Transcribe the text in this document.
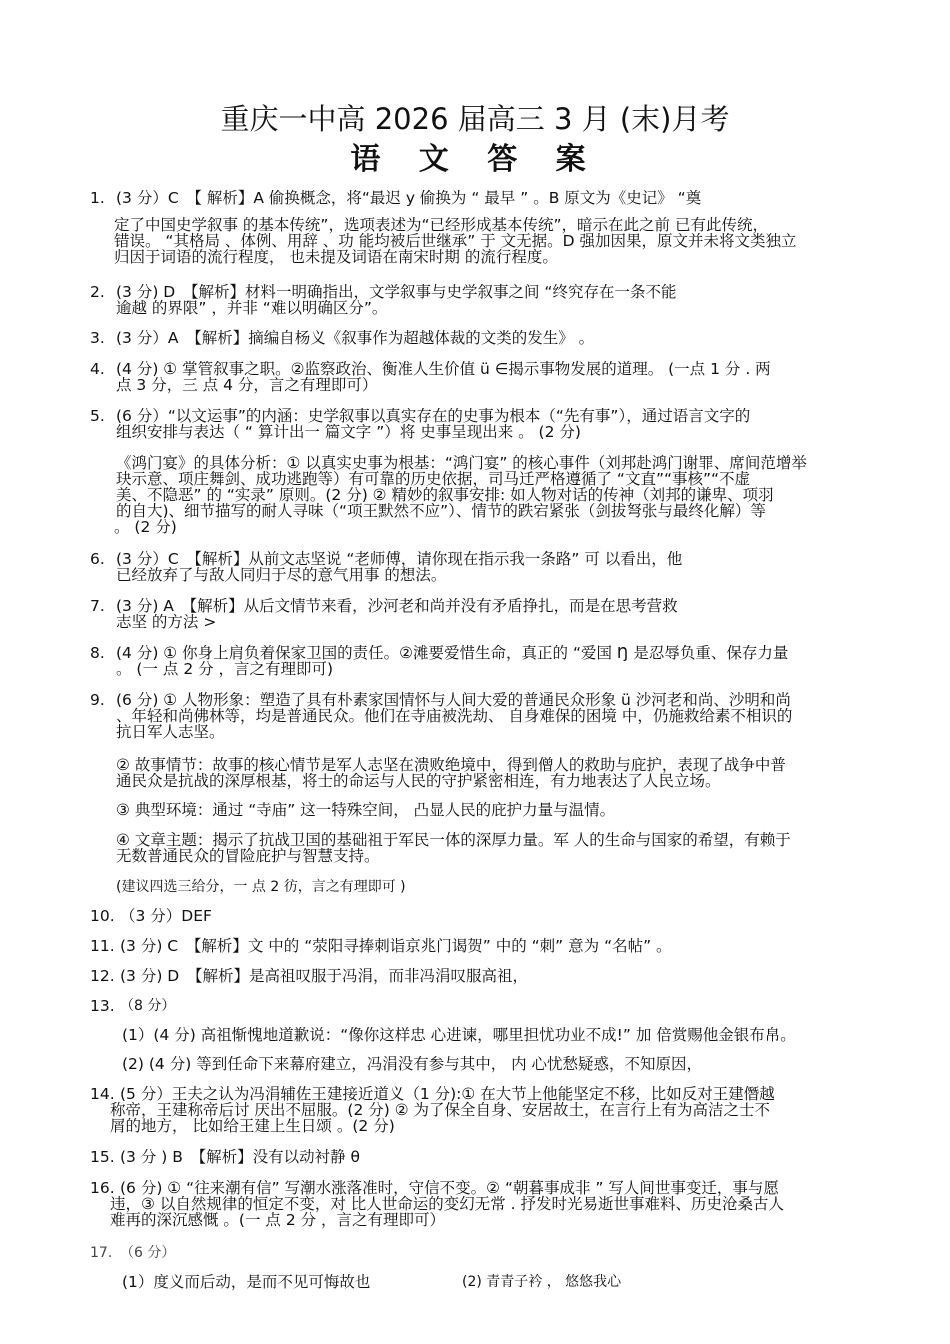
重庆一中高 2026 届高三 3 月 (末)月考
语 文 答 案
1. (3 分）C　【 解析】A 偷换概念，将“最迟 y 偷换为 “ 最早 ” 。B 原文为《史记》 “奠
定了中国史学叙事 的基本传统”，选项表述为“已经形成基本传统”，暗示在此之前 已有此传统，
错误。 “其格局 、体例、用辞 、功 能均被后世继承” 于 文无据。D 强加因果，原文并未将文类独立
归因于词语的流行程度， 也未提及词语在南宋时期 的流行程度。
2. (3 分) D　【解析】材料一明确指出，文学叙事与史学叙事之间 “终究存在一条不能
逾越 的界限” ，并非 “难以明确区分”。
3. (3 分）A　【解析】摘编自杨义《叙事作为超越体裁的文类的发生》 。
4. (4 分) ① 掌管叙事之职。②监察政治、衡准人生价值 ü ∈揭示事物发展的道理。 (一点 1 分 . 两
点 3 分，三 点 4 分，言之有理即可）
5. (6 分）“以文运事”的内涵：史学叙事以真实存在的史事为根本（“先有事”），通过语言文字的
组织安排与表达（ “ 算计出一 篇文字 ”）将 史事呈现出来 。 (2 分)
《鸿门宴》的具体分析：① 以真实史事为根基：“鸿门宴” 的核心事件（刘邦赴鸿门谢罪、席间范增举
玦示意、项庄舞剑、成功逃跑等）有可靠的历史依据，司马迁严格遵循了 “文直”“事核”“不虚
美、不隐恶” 的 “实录” 原则。(2 分) ② 精妙的叙事安排: 如人物对话的传神（刘邦的谦卑、项羽
的自大)、细节描写的耐人寻味（“项王默然不应”）、情节的跌宕紧张（剑拔弩张与最终化解）等
。 (2 分)
6. (3 分）C　【解析】从前文志坚说 “老师傅，请你现在指示我一条路” 可 以看出，他
已经放弃了与敌人同归于尽的意气用事 的想法。
7. (3 分) A　【解析】从后文情节来看，沙河老和尚并没有矛盾挣扎，而是在思考营救
志坚 的方法 >
8. (4 分) ① 你身上肩负着保家卫国的责任。②滩要爱惜生命，真正的 “爱国 Ŋ 是忍辱负重、保存力量
。 (一 点 2 分 ，言之有理即可)
9. (6 分) ① 人物形象：塑造了具有朴素家国情怀与人间大爱的普通民众形象 ü 沙河老和尚、沙明和尚
、年轻和尚佛林等，均是普通民众。他们在寺庙被洗劫、 自身难保的困境 中，仍施救给素不相识的
抗日军人志坚。
② 故事情节：故事的核心情节是军人志坚在溃败绝境中，得到僧人的救助与庇护，表现了战争中普
通民众是抗战的深厚根基，将士的命运与人民的守护紧密相连，有力地表达了人民立场。
③ 典型环境：通过 “寺庙” 这一特殊空间， 凸显人民的庇护力量与温情。
④ 文章主题：揭示了抗战卫国的基础祖于军民一体的深厚力量。军 人的生命与国家的希望，有赖于
无数普通民众的冒险庇护与智慧支持。
(建议四选三给分，一 点 2 彷，言之有理即可 )
10. （3 分）DEF
11. (3 分) C　【解析】文 中的 “荥阳寻捧刺诣京兆门谒贺” 中的 “刺” 意为 “名帖” 。
12. (3 分) D　【解析】是高祖叹服于冯涓，而非冯涓叹服高祖，
13. （8 分）
(1）(4 分) 高祖惭愧地道歉说：“像你这样忠 心进谏，哪里担忧功业不成!” 加 倍赏赐他金银布帛。
(2) (4 分) 等到任命下来幕府建立，冯涓没有参与其中， 内 心忧愁疑惑，不知原因，
14. (5 分）王夫之认为冯涓辅佐王建接近道义（1 分):① 在大节上他能坚定不移，比如反对王建僭越
称帝，王建称帝后讨 厌出不屈服。(2 分) ② 为了保全自身、安居故土，在言行上有为高洁之士不
屑的地方， 比如给王建上生日颂 。(2 分)
15. (3 分 ) B　【解析】没有以动衬静 θ
16. (6 分) ① “往来潮有信” 写潮水涨落准时，守信不变。② “朝暮事成非 ” 写人间世事变迁，事与愿
违，③ 以自然规律的恒定不变，对 比人世命运的变幻无常 . 抒发时光易逝世事难料、历史沧桑古人
难再的深沉感慨 。(一 点 2 分 ，言之有理即可）
17. （6 分）
(1）度义而后动，是而不见可悔故也	(2) 青青子衿 ， 悠悠我心
